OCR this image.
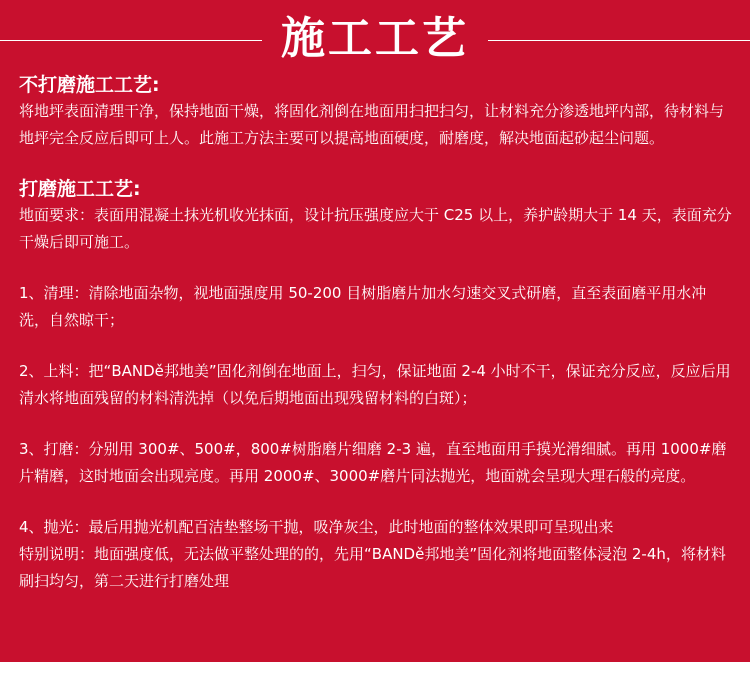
施工工艺

不打磨施工工艺:

将地坪表面清理干净，保持地面干燥，将固化剂倒在地面用扫把扫匀，让材料充分渗透地坪内部，待材料与地坪完全反应后即可上人。此施工方法主要可以提高地面硬度，耐磨度，解决地面起砂起尘问题。

打磨施工工艺:

地面要求：表面用混凝土抹光机收光抹面，设计抗压强度应大于 C25 以上，养护龄期大于 14 天，表面充分干燥后即可施工。

1、清理：清除地面杂物，视地面强度用 50-200 目树脂磨片加水匀速交叉式研磨，直至表面磨平用水冲洗，自然晾干；

2、上料：把“BANDě邦地美”固化剂倒在地面上，扫匀，保证地面 2-4 小时不干，保证充分反应，反应后用清水将地面残留的材料清洗掉（以免后期地面出现残留材料的白斑）；

3、打磨：分别用 300#、500#，800#树脂磨片细磨 2-3 遍，直至地面用手摸光滑细腻。再用 1000#磨片精磨，这时地面会出现亮度。再用 2000#、3000#磨片同法抛光，地面就会呈现大理石般的亮度。

4、抛光：最后用抛光机配百洁垫整场干抛，吸净灰尘，此时地面的整体效果即可呈现出来

特别说明：地面强度低，无法做平整处理的的，先用“BANDě邦地美”固化剂将地面整体浸泡 2-4h，将材料刷扫均匀，第二天进行打磨处理
